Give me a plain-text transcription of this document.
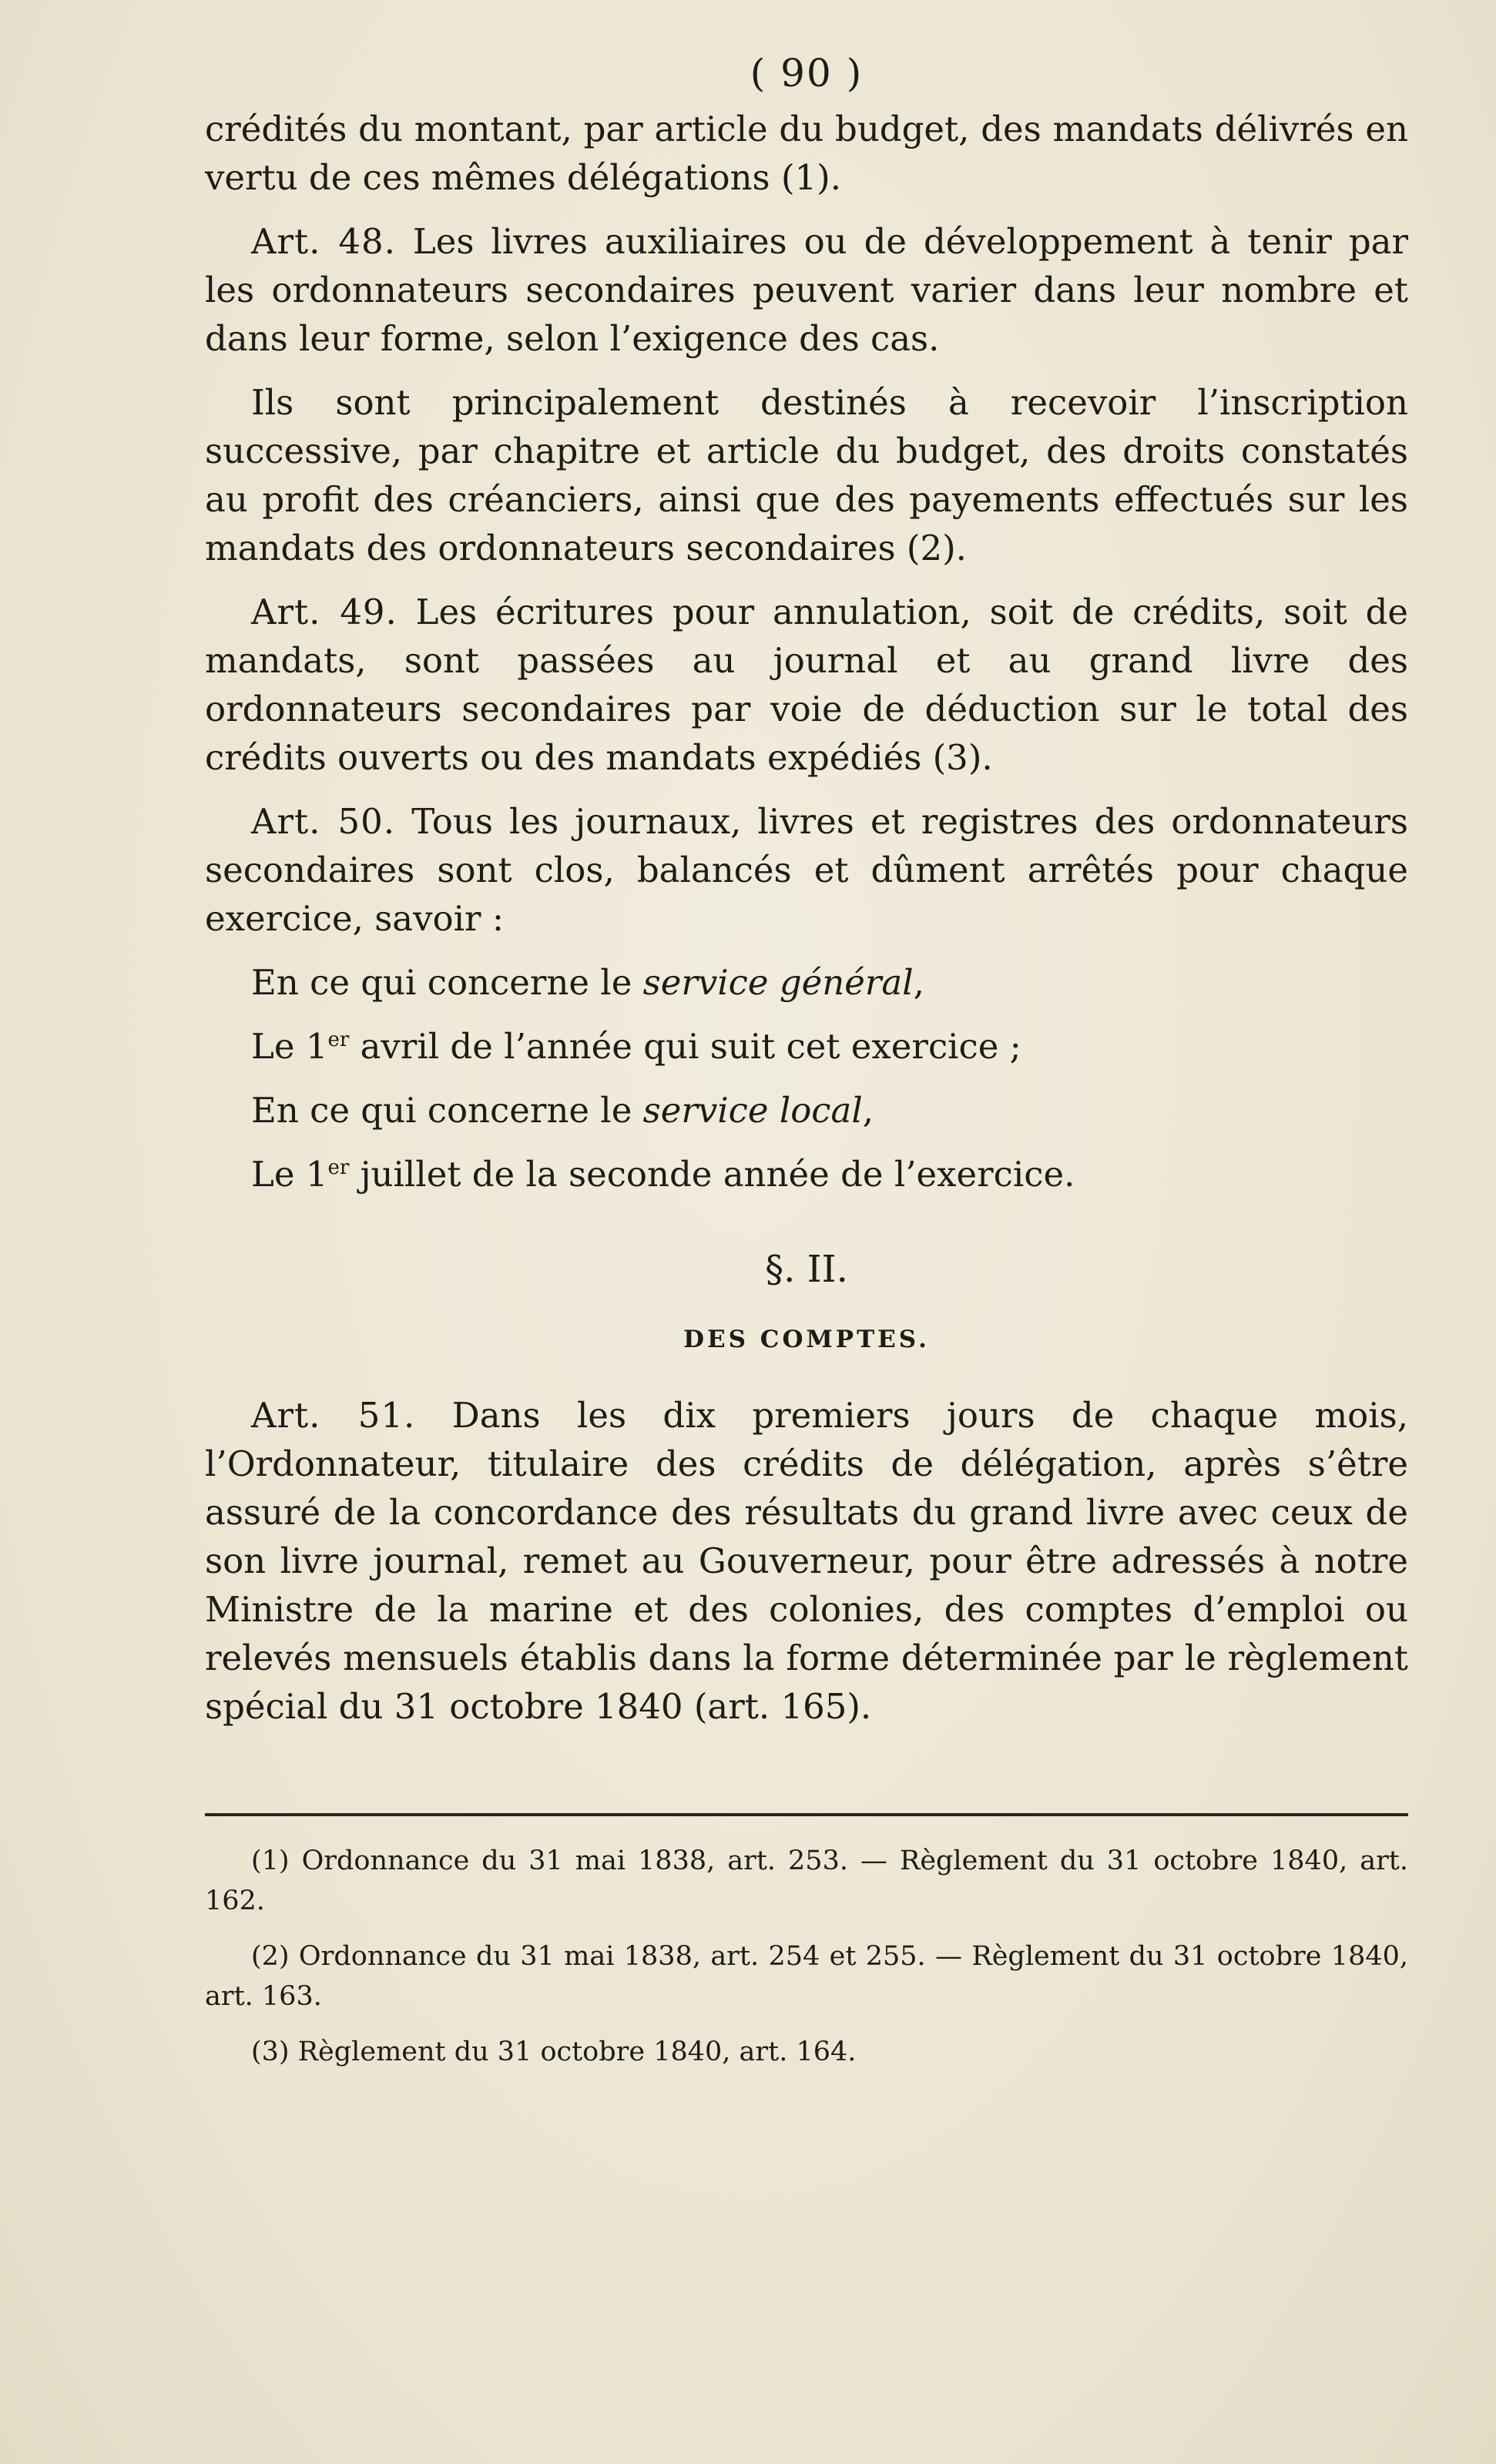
( 90 )

crédités du montant, par article du budget, des mandats délivrés en vertu de ces mêmes délégations (1).

Art. 48. Les livres auxiliaires ou de développement à tenir par les ordonnateurs secondaires peuvent varier dans leur nombre et dans leur forme, selon l’exigence des cas.

Ils sont principalement destinés à recevoir l’inscription successive, par chapitre et article du budget, des droits constatés au profit des créanciers, ainsi que des payements effectués sur les mandats des ordonnateurs secondaires (2).

Art. 49. Les écritures pour annulation, soit de crédits, soit de mandats, sont passées au journal et au grand livre des ordonnateurs secondaires par voie de déduction sur le total des crédits ouverts ou des mandats expédiés (3).

Art. 50. Tous les journaux, livres et registres des ordonnateurs secondaires sont clos, balancés et dûment arrêtés pour chaque exercice, savoir :

En ce qui concerne le service général,

Le 1er avril de l’année qui suit cet exercice ;

En ce qui concerne le service local,

Le 1er juillet de la seconde année de l’exercice.

§. II.
DES COMPTES.

Art. 51. Dans les dix premiers jours de chaque mois, l’Ordonnateur, titulaire des crédits de délégation, après s’être assuré de la concordance des résultats du grand livre avec ceux de son livre journal, remet au Gouverneur, pour être adressés à notre Ministre de la marine et des colonies, des comptes d’emploi ou relevés mensuels établis dans la forme déterminée par le règlement spécial du 31 octobre 1840 (art. 165).

(1) Ordonnance du 31 mai 1838, art. 253. — Règlement du 31 octobre 1840, art. 162.

(2) Ordonnance du 31 mai 1838, art. 254 et 255. — Règlement du 31 octobre 1840, art. 163.

(3) Règlement du 31 octobre 1840, art. 164.
